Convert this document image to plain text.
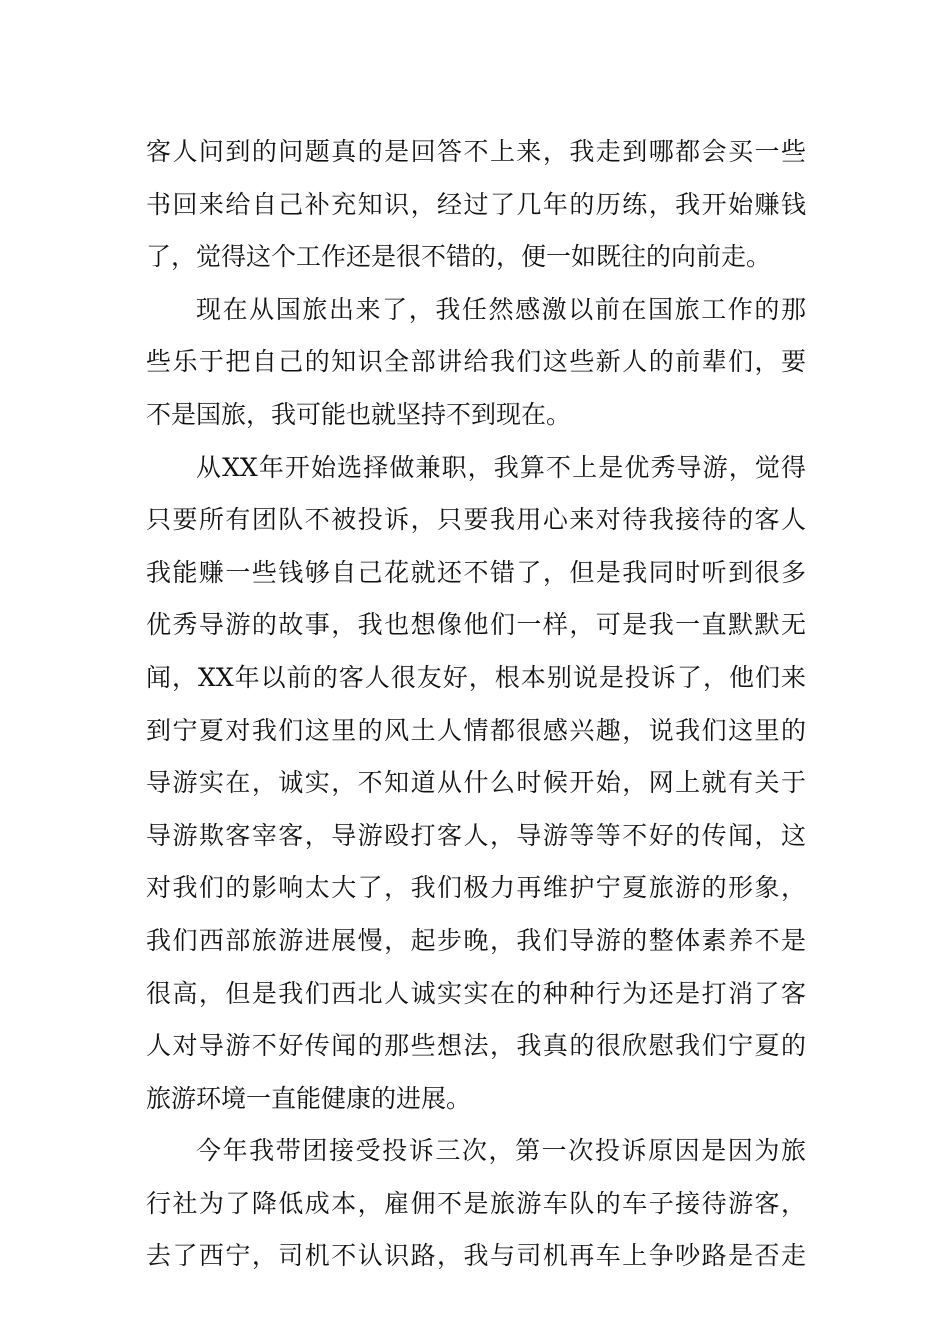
客人问到的问题真的是回答不上来，我走到哪都会买一些
书回来给自己补充知识，经过了几年的历练，我开始赚钱
了，觉得这个工作还是很不错的，便一如既往的向前走。
现在从国旅出来了，我任然感激以前在国旅工作的那
些乐于把自己的知识全部讲给我们这些新人的前辈们，要
不是国旅，我可能也就坚持不到现在。
从XX年开始选择做兼职，我算不上是优秀导游，觉得
只要所有团队不被投诉，只要我用心来对待我接待的客人
我能赚一些钱够自己花就还不错了，但是我同时听到很多
优秀导游的故事，我也想像他们一样，可是我一直默默无
闻，XX年以前的客人很友好，根本别说是投诉了，他们来
到宁夏对我们这里的风土人情都很感兴趣，说我们这里的
导游实在，诚实，不知道从什么时候开始，网上就有关于
导游欺客宰客，导游殴打客人，导游等等不好的传闻，这
对我们的影响太大了，我们极力再维护宁夏旅游的形象，
我们西部旅游进展慢，起步晚，我们导游的整体素养不是
很高，但是我们西北人诚实实在的种种行为还是打消了客
人对导游不好传闻的那些想法，我真的很欣慰我们宁夏的
旅游环境一直能健康的进展。
今年我带团接受投诉三次，第一次投诉原因是因为旅
行社为了降低成本，雇佣不是旅游车队的车子接待游客，
去了西宁，司机不认识路，我与司机再车上争吵路是否走
